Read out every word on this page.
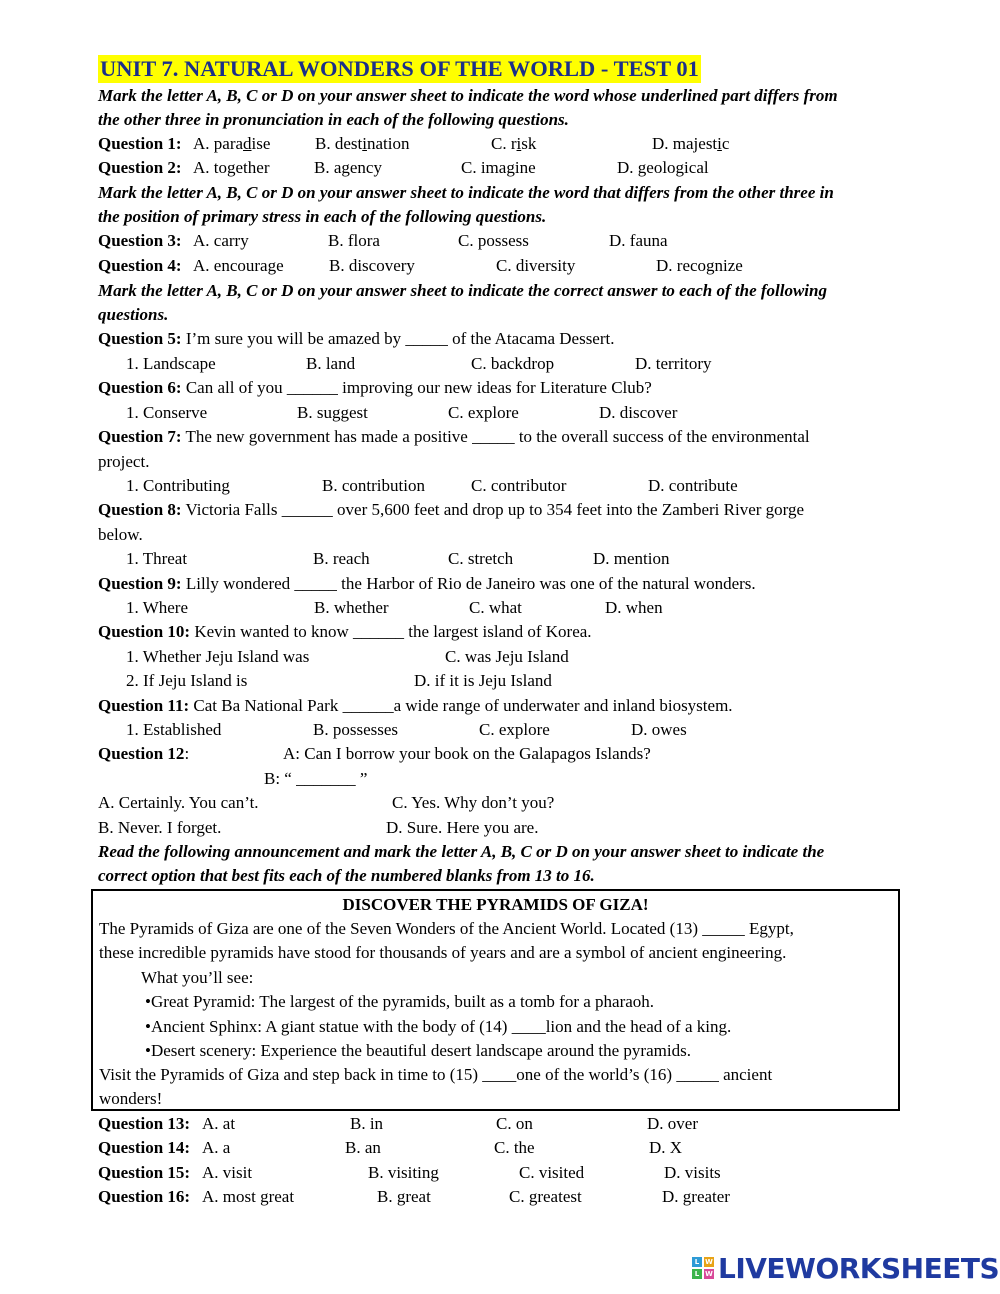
UNIT 7. NATURAL WONDERS OF THE WORLD - TEST 01
Mark the letter A, B, C or D on your answer sheet to indicate the word whose underlined part differs from
the other three in pronunciation in each of the following questions.
Question 1: A. paradise	B. destination	C. risk	D. majestic
Question 2: A. together	B. agency	C. imagine	D. geological
Mark the letter A, B, C or D on your answer sheet to indicate the word that differs from the other three in
the position of primary stress in each of the following questions.
Question 3: A. carry	B. flora	C. possess	D. fauna
Question 4: A. encourage	B. discovery	C. diversity	D. recognize
Mark the letter A, B, C or D on your answer sheet to indicate the correct answer to each of the following
questions.
Question 5: I’m sure you will be amazed by _____ of the Atacama Dessert.
1. Landscape	B. land	C. backdrop	D. territory
Question 6: Can all of you ______ improving our new ideas for Literature Club?
1. Conserve	B. suggest	C. explore	D. discover
Question 7: The new government has made a positive _____ to the overall success of the environmental
project.
1. Contributing	B. contribution	C. contributor	D. contribute
Question 8: Victoria Falls ______ over 5,600 feet and drop up to 354 feet into the Zamberi River gorge
below.
1. Threat	B. reach	C. stretch	D. mention
Question 9: Lilly wondered _____ the Harbor of Rio de Janeiro was one of the natural wonders.
1. Where	B. whether	C. what	D. when
Question 10: Kevin wanted to know ______ the largest island of Korea.
1. Whether Jeju Island was	C. was Jeju Island
2. If Jeju Island is	D. if it is Jeju Island
Question 11: Cat Ba National Park ______a wide range of underwater and inland biosystem.
1. Established	B. possesses	C. explore	D. owes
Question 12:	A: Can I borrow your book on the Galapagos Islands?
B: “ _______ ”
A. Certainly. You can’t.	C. Yes. Why don’t you?
B. Never. I forget.	D. Sure. Here you are.
Read the following announcement and mark the letter A, B, C or D on your answer sheet to indicate the
correct option that best fits each of the numbered blanks from 13 to 16.
DISCOVER THE PYRAMIDS OF GIZA!
The Pyramids of Giza are one of the Seven Wonders of the Ancient World. Located (13) _____ Egypt,
these incredible pyramids have stood for thousands of years and are a symbol of ancient engineering.
What you’ll see:
•Great Pyramid: The largest of the pyramids, built as a tomb for a pharaoh.
•Ancient Sphinx: A giant statue with the body of (14) ____lion and the head of a king.
•Desert scenery: Experience the beautiful desert landscape around the pyramids.
Visit the Pyramids of Giza and step back in time to (15) ____one of the world’s (16) _____ ancient
wonders!
Question 13: A. at	B. in	C. on	D. over
Question 14: A. a	B. an	C. the	D. X
Question 15: A. visit	B. visiting	C. visited	D. visits
Question 16: A. most great	B. great	C. greatest	D. greater
L W
L W LIVEWORKSHEETS
